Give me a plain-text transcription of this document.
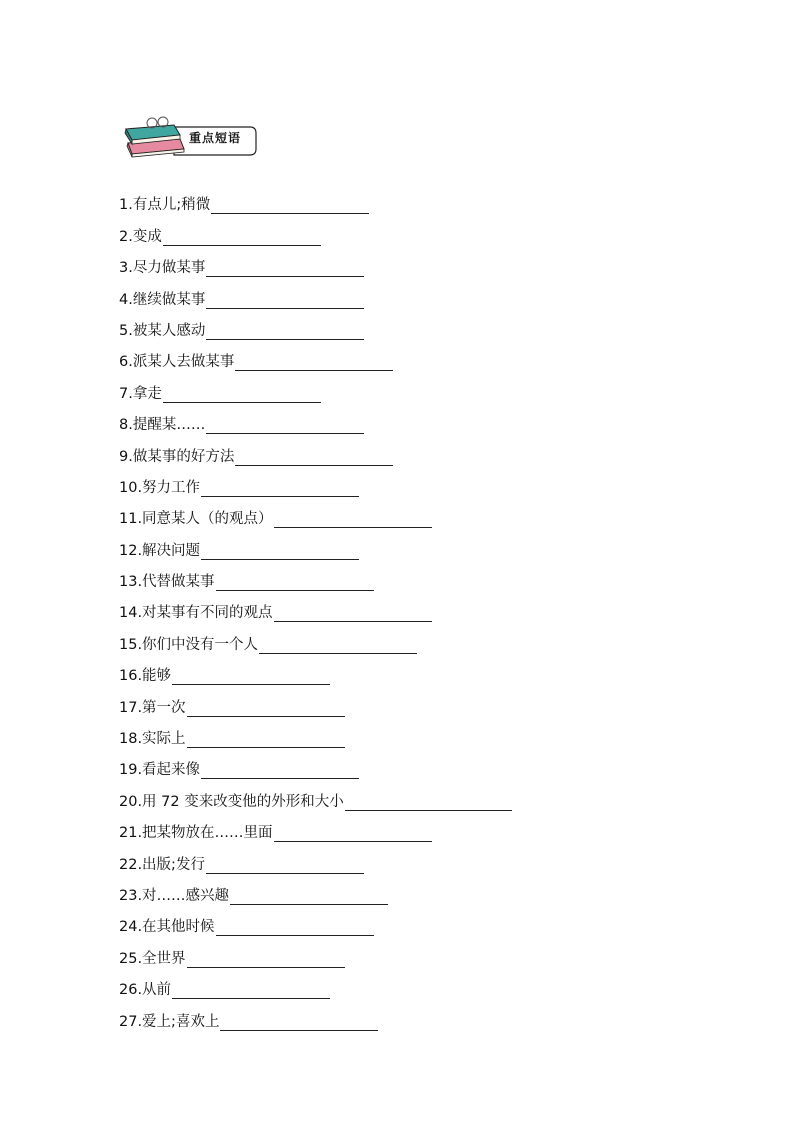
重点短语
1.有点儿;稍微
2.变成
3.尽力做某事
4.继续做某事
5.被某人感动
6.派某人去做某事
7.拿走
8.提醒某……
9.做某事的好方法
10.努力工作
11.同意某人（的观点）
12.解决问题
13.代替做某事
14.对某事有不同的观点
15.你们中没有一个人
16.能够
17.第一次
18.实际上
19.看起来像
20.用 72 变来改变他的外形和大小
21.把某物放在……里面
22.出版;发行
23.对……感兴趣
24.在其他时候
25.全世界
26.从前
27.爱上;喜欢上
